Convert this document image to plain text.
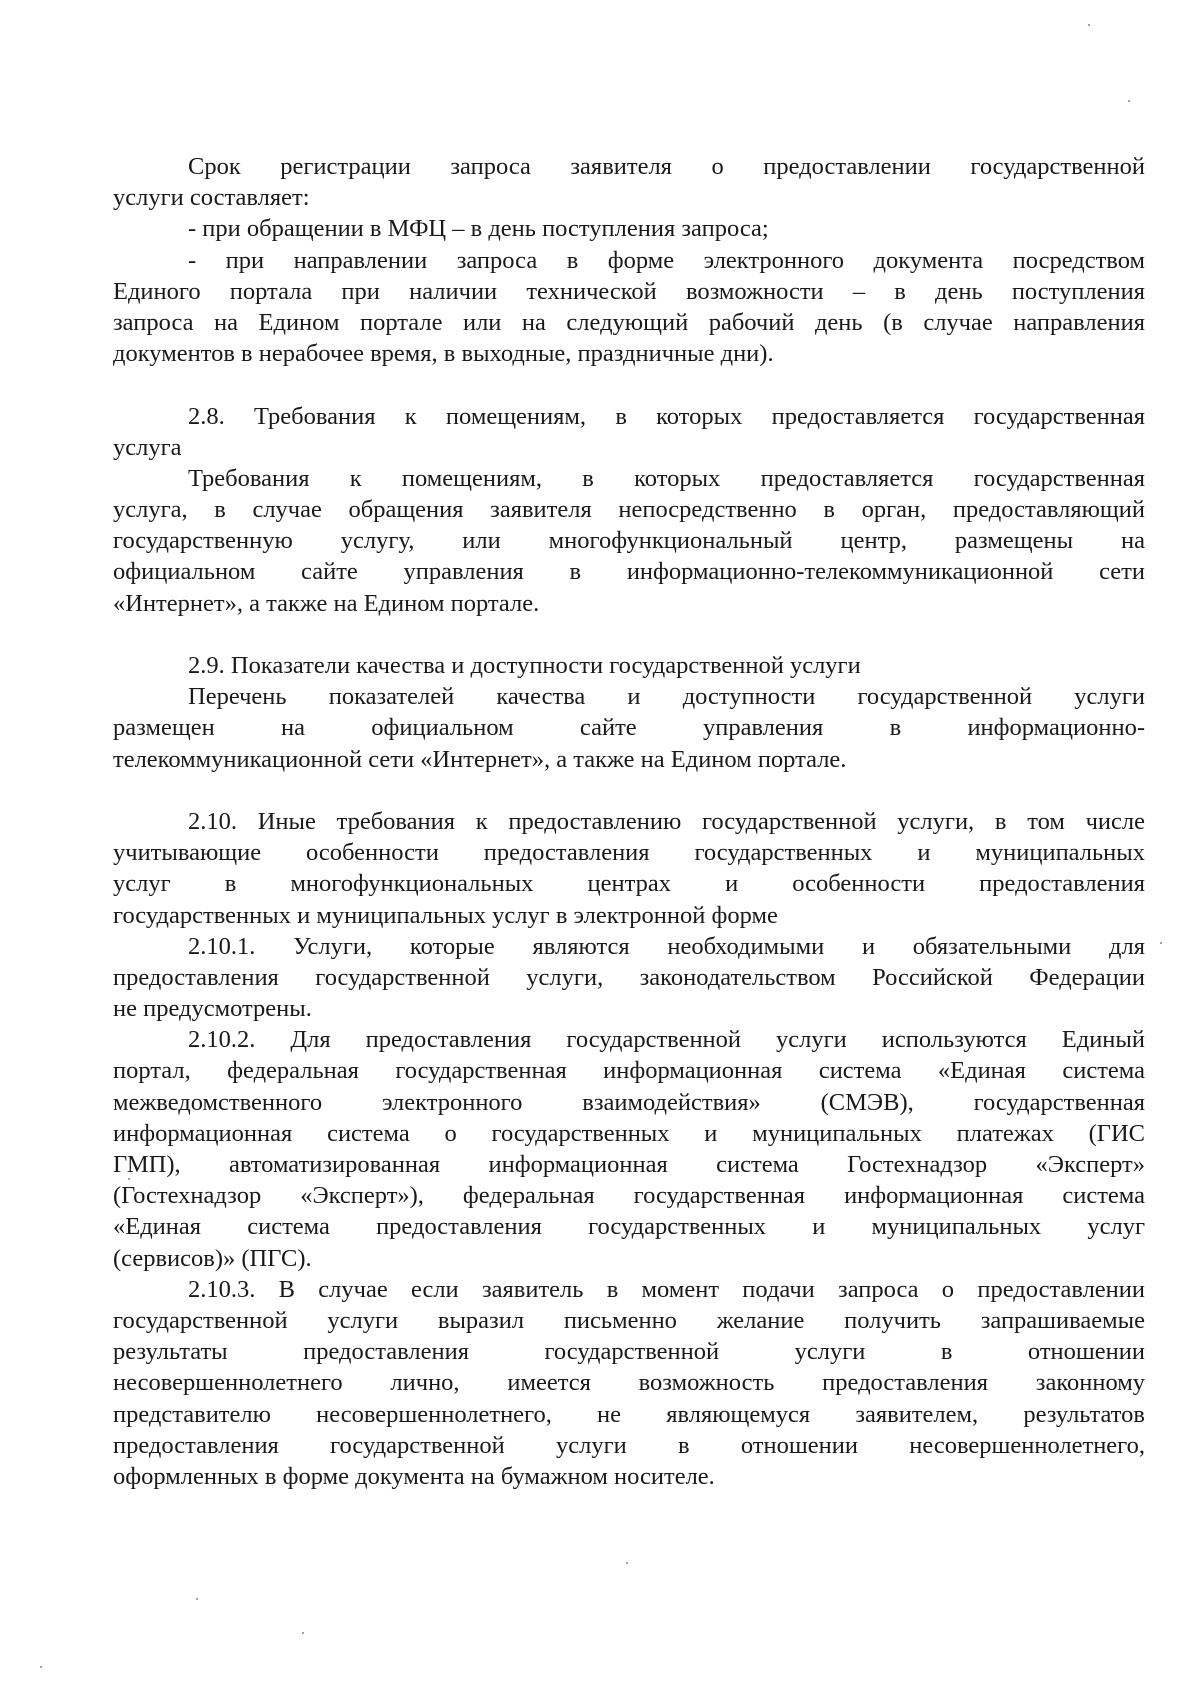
Срок регистрации запроса заявителя о предоставлении государственной
услуги составляет:
- при обращении в МФЦ – в день поступления запроса;
- при направлении запроса в форме электронного документа посредством
Единого портала при наличии технической возможности – в день поступления
запроса на Едином портале или на следующий рабочий день (в случае направления
документов в нерабочее время, в выходные, праздничные дни).
2.8. Требования к помещениям, в которых предоставляется государственная
услуга
Требования к помещениям, в которых предоставляется государственная
услуга, в случае обращения заявителя непосредственно в орган, предоставляющий
государственную услугу, или многофункциональный центр, размещены на
официальном сайте управления в информационно-телекоммуникационной сети
«Интернет», а также на Едином портале.
2.9. Показатели качества и доступности государственной услуги
Перечень показателей качества и доступности государственной услуги
размещен на официальном сайте управления в информационно-
телекоммуникационной сети «Интернет», а также на Едином портале.
2.10. Иные требования к предоставлению государственной услуги, в том числе
учитывающие особенности предоставления государственных и муниципальных
услуг в многофункциональных центрах и особенности предоставления
государственных и муниципальных услуг в электронной форме
2.10.1. Услуги, которые являются необходимыми и обязательными для
предоставления государственной услуги, законодательством Российской Федерации
не предусмотрены.
2.10.2. Для предоставления государственной услуги используются Единый
портал, федеральная государственная информационная система «Единая система
межведомственного электронного взаимодействия» (СМЭВ), государственная
информационная система о государственных и муниципальных платежах (ГИС
ГМП), автоматизированная информационная система Гостехнадзор «Эксперт»
(Гостехнадзор «Эксперт»), федеральная государственная информационная система
«Единая система предоставления государственных и муниципальных услуг
(сервисов)» (ПГС).
2.10.3. В случае если заявитель в момент подачи запроса о предоставлении
государственной услуги выразил письменно желание получить запрашиваемые
результаты предоставления государственной услуги в отношении
несовершеннолетнего лично, имеется возможность предоставления законному
представителю несовершеннолетнего, не являющемуся заявителем, результатов
предоставления государственной услуги в отношении несовершеннолетнего,
оформленных в форме документа на бумажном носителе.
